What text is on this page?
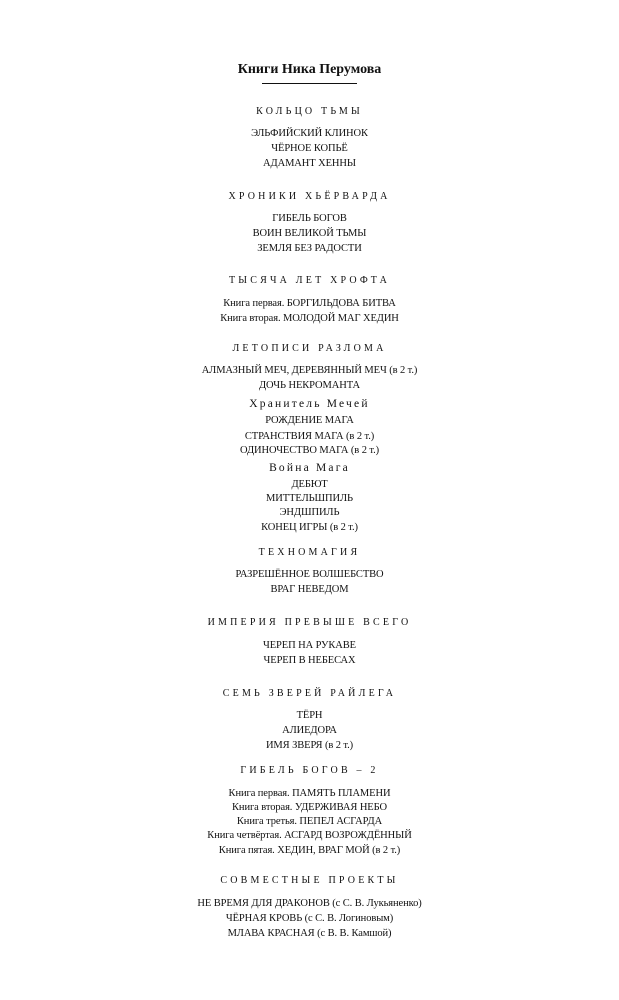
Книги Ника Перумова
КОЛЬЦО ТЬМЫ
ЭЛЬФИЙСКИЙ КЛИНОК
ЧЁРНОЕ КОПЬЁ
АДАМАНТ ХЕННЫ
ХРОНИКИ ХЬЁРВАРДА
ГИБЕЛЬ БОГОВ
ВОИН ВЕЛИКОЙ ТЬМЫ
ЗЕМЛЯ БЕЗ РАДОСТИ
ТЫСЯЧА ЛЕТ ХРОФТА
Книга первая. БОРГИЛЬДОВА БИТВА
Книга вторая. МОЛОДОЙ МАГ ХЕДИН
ЛЕТОПИСИ РАЗЛОМА
АЛМАЗНЫЙ МЕЧ, ДЕРЕВЯННЫЙ МЕЧ (в 2 т.)
ДОЧЬ НЕКРОМАНТА
Хранитель Мечей
РОЖДЕНИЕ МАГА
СТРАНСТВИЯ МАГА (в 2 т.)
ОДИНОЧЕСТВО МАГА (в 2 т.)
Война Мага
ДЕБЮТ
МИТТЕЛЬШПИЛЬ
ЭНДШПИЛЬ
КОНЕЦ ИГРЫ (в 2 т.)
ТЕХНОМАГИЯ
РАЗРЕШЁННОЕ ВОЛШЕБСТВО
ВРАГ НЕВЕДОМ
ИМПЕРИЯ ПРЕВЫШЕ ВСЕГО
ЧЕРЕП НА РУКАВЕ
ЧЕРЕП В НЕБЕСАХ
СЕМЬ ЗВЕРЕЙ РАЙЛЕГА
ТЁРН
АЛИЕДОРА
ИМЯ ЗВЕРЯ (в 2 т.)
ГИБЕЛЬ БОГОВ – 2
Книга первая. ПАМЯТЬ ПЛАМЕНИ
Книга вторая. УДЕРЖИВАЯ НЕБО
Книга третья. ПЕПЕЛ АСГАРДА
Книга четвёртая. АСГАРД ВОЗРОЖДЁННЫЙ
Книга пятая. ХЕДИН, ВРАГ МОЙ (в 2 т.)
СОВМЕСТНЫЕ ПРОЕКТЫ
НЕ ВРЕМЯ ДЛЯ ДРАКОНОВ (с С. В. Лукьяненко)
ЧЁРНАЯ КРОВЬ (с С. В. Логиновым)
МЛАВА КРАСНАЯ (с В. В. Камшой)
